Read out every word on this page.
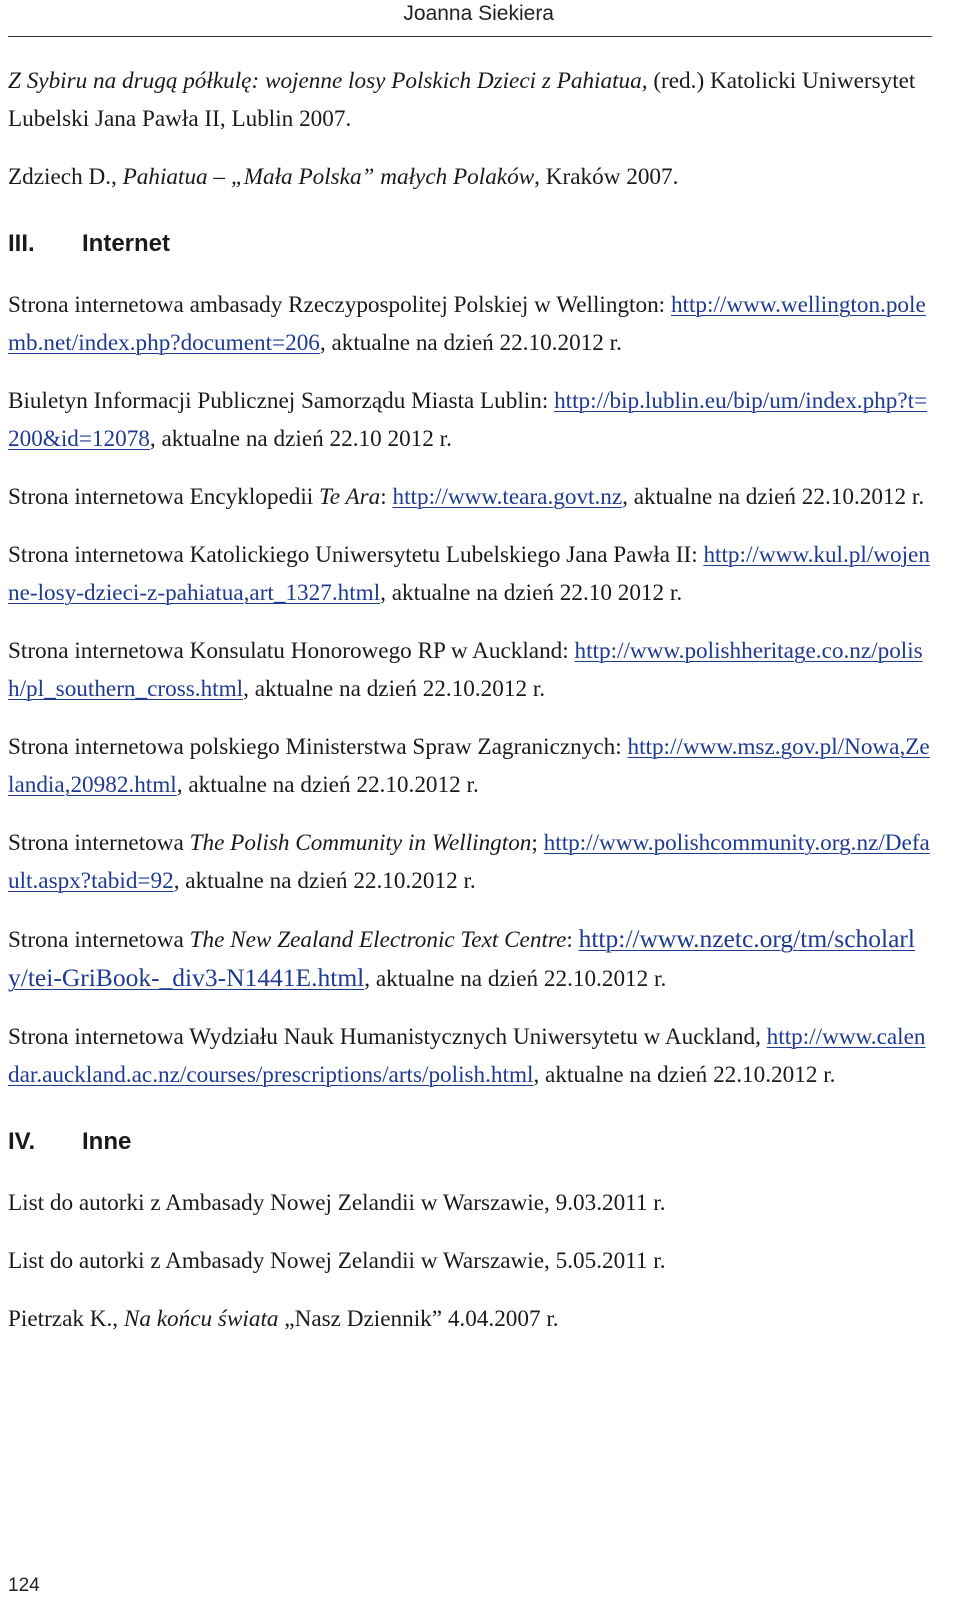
Joanna Siekiera

Z Sybiru na drugą półkulę: wojenne losy Polskich Dzieci z Pahiatua, (red.) Katolicki Uniwersytet Lubelski Jana Pawła II, Lublin 2007.

Zdziech D., Pahiatua – „Mała Polska” małych Polaków, Kraków 2007.

III.	Internet

Strona internetowa ambasady Rzeczypospolitej Polskiej w Wellington: http://www.wellington.polemb.net/index.php?document=206, aktualne na dzień 22.10.2012 r.

Biuletyn Informacji Publicznej Samorządu Miasta Lublin: http://bip.lublin.eu/bip/um/index.php?t=200&id=12078, aktualne na dzień 22.10 2012 r.

Strona internetowa Encyklopedii Te Ara: http://www.teara.govt.nz, aktualne na dzień 22.10.2012 r.

Strona internetowa Katolickiego Uniwersytetu Lubelskiego Jana Pawła II: http://www.kul.pl/wojenne-losy-dzieci-z-pahiatua,art_1327.html, aktualne na dzień 22.10 2012 r.

Strona internetowa Konsulatu Honorowego RP w Auckland: http://www.polishheritage.co.nz/polish/pl_southern_cross.html, aktualne na dzień 22.10.2012 r.

Strona internetowa polskiego Ministerstwa Spraw Zagranicznych: http://www.msz.gov.pl/Nowa,Zelandia,20982.html, aktualne na dzień 22.10.2012 r.

Strona internetowa The Polish Community in Wellington; http://www.polishcommunity.org.nz/Default.aspx?tabid=92, aktualne na dzień 22.10.2012 r.

Strona internetowa The New Zealand Electronic Text Centre: http://www.nzetc.org/tm/scholarly/tei-GriBook-_div3-N1441E.html, aktualne na dzień 22.10.2012 r.

Strona internetowa Wydziału Nauk Humanistycznych Uniwersytetu w Auckland, http://www.calendar.auckland.ac.nz/courses/prescriptions/arts/polish.html, aktualne na dzień 22.10.2012 r.

IV.	Inne

List do autorki z Ambasady Nowej Zelandii w Warszawie, 9.03.2011 r.

List do autorki z Ambasady Nowej Zelandii w Warszawie, 5.05.2011 r.

Pietrzak K., Na końcu świata „Nasz Dziennik” 4.04.2007 r.

124
